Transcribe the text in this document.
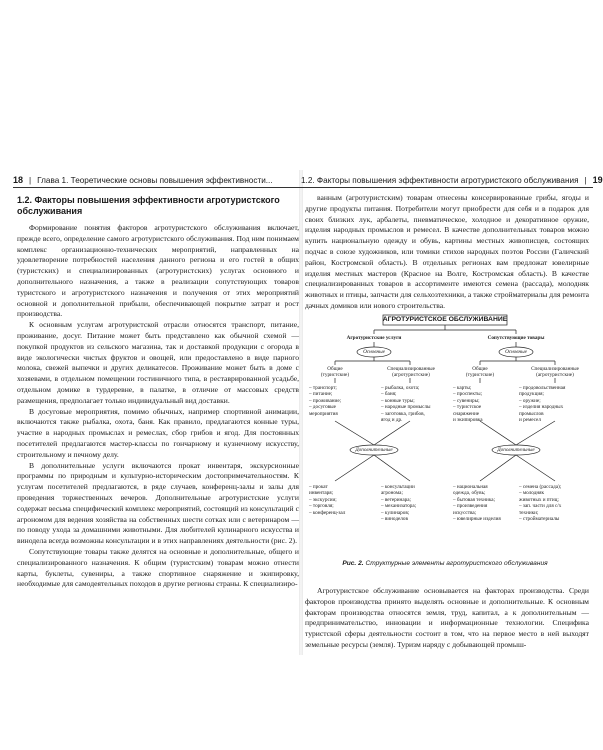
18 | Глава 1. Теоретические основы повышения эффективности...
1.2. Факторы повышения эффективности агротуристского обслуживания

Формирование понятия факторов агротуристского обслуживания включает, прежде всего, определение самого агротуристского обслуживания. Под ним понимаем комплекс организационно-технических мероприятий, направленных на удовлетворение потребностей населения данного региона и его гостей в общих (туристских) и специализированных (агротуристских) услугах основного и дополнительного назначения, а также в реализации сопутствующих товаров туристского и агротуристского назначения и получения от этих мероприятий основной и дополнительной прибыли, обеспечивающей покрытие затрат и рост производства.

К основным услугам агротуристской отрасли относятся транспорт, питание, проживание, досуг. Питание может быть представлено как обычной схемой — покупкой продуктов из сельского магазина, так и доставкой продукции с огорода в виде экологически чистых фруктов и овощей, или предоставлено в виде парного молока, свежей выпечки и других деликатесов. Проживание может быть в доме с хозяевами, в отдельном помещении гостиничного типа, в реставрированной усадьбе, отдельном домике в турдеревне, в палатке, в отличие от массовых средств размещения, предполагает только индивидуальный вид доставки.

В досуговые мероприятия, помимо обычных, например спортивной анимации, включаются также рыбалка, охота, баня. Как правило, предлагаются конные туры, участие в народных промыслах и ремеслах, сбор грибов и ягод. Для постоянных посетителей предлагаются мастер-классы по гончарному и кузнечному искусству, строительному и печному делу.

В дополнительные услуги включаются прокат инвентаря, экскурсионные программы по природным и культурно-историческим достопримечательностям. К услугам посетителей предлагаются, в ряде случаев, конференц-залы и залы для проведения торжественных вечеров. Дополнительные агротуристские услуги содержат весьма специфический комплекс мероприятий, состоящий из консультаций с агрономом для ведения хозяйства на собственных шести сотках или с ветеринаром — по поводу ухода за домашними животными. Для любителей кулинарного искусства и винодела всегда возможны консультации и в этих направлениях деятельности (рис. 2).

Сопутствующие товары также делятся на основные и дополнительные, общего и специализированного назначения. К общим (туристским) товарам можно отнести карты, буклеты, сувениры, а также спортивное снаряжение и экипировку, необходимые для самодеятельных походов в другие регионы страны. К специализиро-

1.2. Факторы повышения эффективности агротуристского обслуживания | 19

ванным (агротуристским) товарам отнесены консервированные грибы, ягоды и другие продукты питания. Потребители могут приобрести для себя и в подарок для своих близких лук, арбалеты, пневматическое, холодное и декоративное оружие, изделия народных промыслов и ремесел. В качестве дополнительных товаров можно купить национальную одежду и обувь, картины местных живописцев, состоящих подчас в союзе художников, или томики стихов народных поэтов России (Галичский район, Костромской область). В отдельных регионах вам предложат ювелирные изделия местных мастеров (Красное на Волге, Костромская область). В качестве специализированных товаров в ассортименте имеются семена (рассада), молодняк животных и птицы, запчасти для сельхозтехники, а также стройматериалы для ремонта дачных домиков или нового строительства.

АГРОТУРИСТСКОЕ ОБСЛУЖИВАНИЕ
Агротуристские услуги	Сопутствующие товары
Основные	Основные
Общие
(туристские)
Специализированные
(агротуристские)
Общие
(туристские)
Специализированные
(агротуристские)
– транспорт;
– питание;
– проживание;
– досуговые
мероприятия
– рыбалка, охота;
– баня;
– конные туры;
– народные промыслы
– заготовка, грибов,
ягод и др.
– карты;
– проспекты;
– сувениры;
– туристское
снаряжение
и экипировка
– продовольственная
продукция;
– оружие;
– изделия народных
промыслов
и ремесел
Дополнительные	Дополнительные
– прокат
инвентаря;
– экскурсии;
– торговля;
– конференц-зал
– консультации
агронома;
– ветеринара;
– механизатора;
– кулинаров;
– виноделов
– национальная
одежда, обувь;
– бытовая техника;
– произведения
искусства;
– ювелирные изделия
– семена (рассада);
– молодняк
животных и птиц;
– зап. части для с/х
техники;
– стройматериалы
Рис. 2. Структурные элементы агротуристского обслуживания

Агротуристское обслуживание основывается на факторах производства. Среди факторов производства принято выделять основные и дополнительные. К основным факторам производства относятся земля, труд, капитал, а к дополнительным — предпринимательство, инновации и информационные технологии. Специфика туристской сферы деятельности состоит в том, что на первое место в ней выходят земельные ресурсы (земля). Туризм наряду с добывающей промыш-
